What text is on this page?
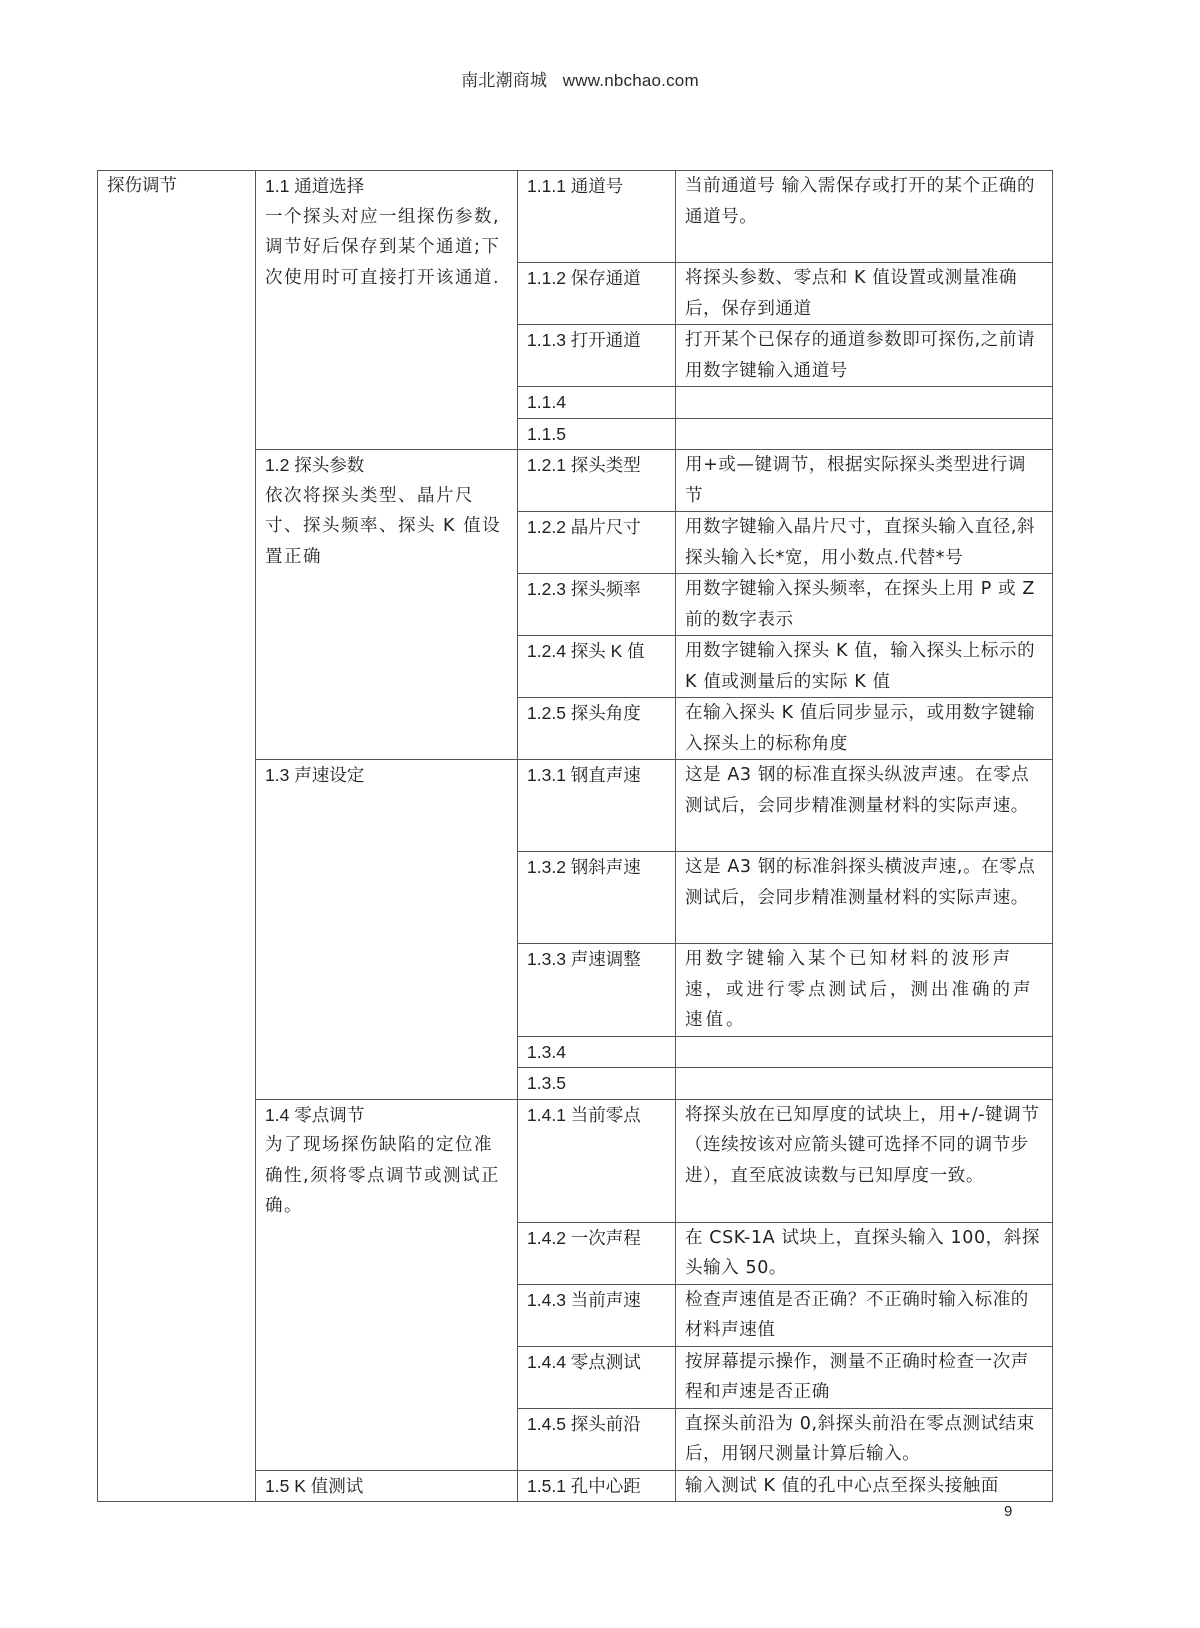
南北潮商城 www.nbchao.com
探伤调节	1.1 通道选择
一个探头对应一组探伤参数,调节好后保存到某个通道;下次使用时可直接打开该通道.	1.1.1 通道号	当前通道号 输入需保存或打开的某个正确的通道号。
		1.1.2 保存通道	将探头参数、零点和 K 值设置或测量准确后，保存到通道
		1.1.3 打开通道	打开某个已保存的通道参数即可探伤,之前请用数字键输入通道号
		1.1.4	
		1.1.5	

	1.2 探头参数
依次将探头类型、晶片尺寸、探头频率、探头 K 值设置正确	1.2.1 探头类型	用+或—键调节，根据实际探头类型进行调节
		1.2.2 晶片尺寸	用数字键输入晶片尺寸，直探头输入直径,斜探头输入长*宽，用小数点.代替*号
		1.2.3 探头频率	用数字键输入探头频率，在探头上用 P 或 Z 前的数字表示
		1.2.4 探头 K 值	用数字键输入探头 K 值，输入探头上标示的 K 值或测量后的实际 K 值
		1.2.5 探头角度	在输入探头 K 值后同步显示，或用数字键输入探头上的标称角度

	1.3 声速设定	1.3.1 钢直声速	这是 A3 钢的标准直探头纵波声速。在零点测试后，会同步精准测量材料的实际声速。
		1.3.2 钢斜声速	这是 A3 钢的标准斜探头横波声速,。在零点测试后，会同步精准测量材料的实际声速。
		1.3.3 声速调整	用数字键输入某个已知材料的波形声速，或进行零点测试后，测出准确的声速值。
		1.3.4	
		1.3.5	

	1.4 零点调节
为了现场探伤缺陷的定位准确性,须将零点调节或测试正确。	1.4.1 当前零点	将探头放在已知厚度的试块上，用+/-键调节（连续按该对应箭头键可选择不同的调节步进），直至底波读数与已知厚度一致。
		1.4.2 一次声程	在 CSK-1A 试块上，直探头输入 100，斜探头输入 50。
		1.4.3 当前声速	检查声速值是否正确？不正确时输入标准的材料声速值
		1.4.4 零点测试	按屏幕提示操作，测量不正确时检查一次声程和声速是否正确
		1.4.5 探头前沿	直探头前沿为 0,斜探头前沿在零点测试结束后，用钢尺测量计算后输入。

	1.5 K 值测试	1.5.1 孔中心距	输入测试 K 值的孔中心点至探头接触面
9
